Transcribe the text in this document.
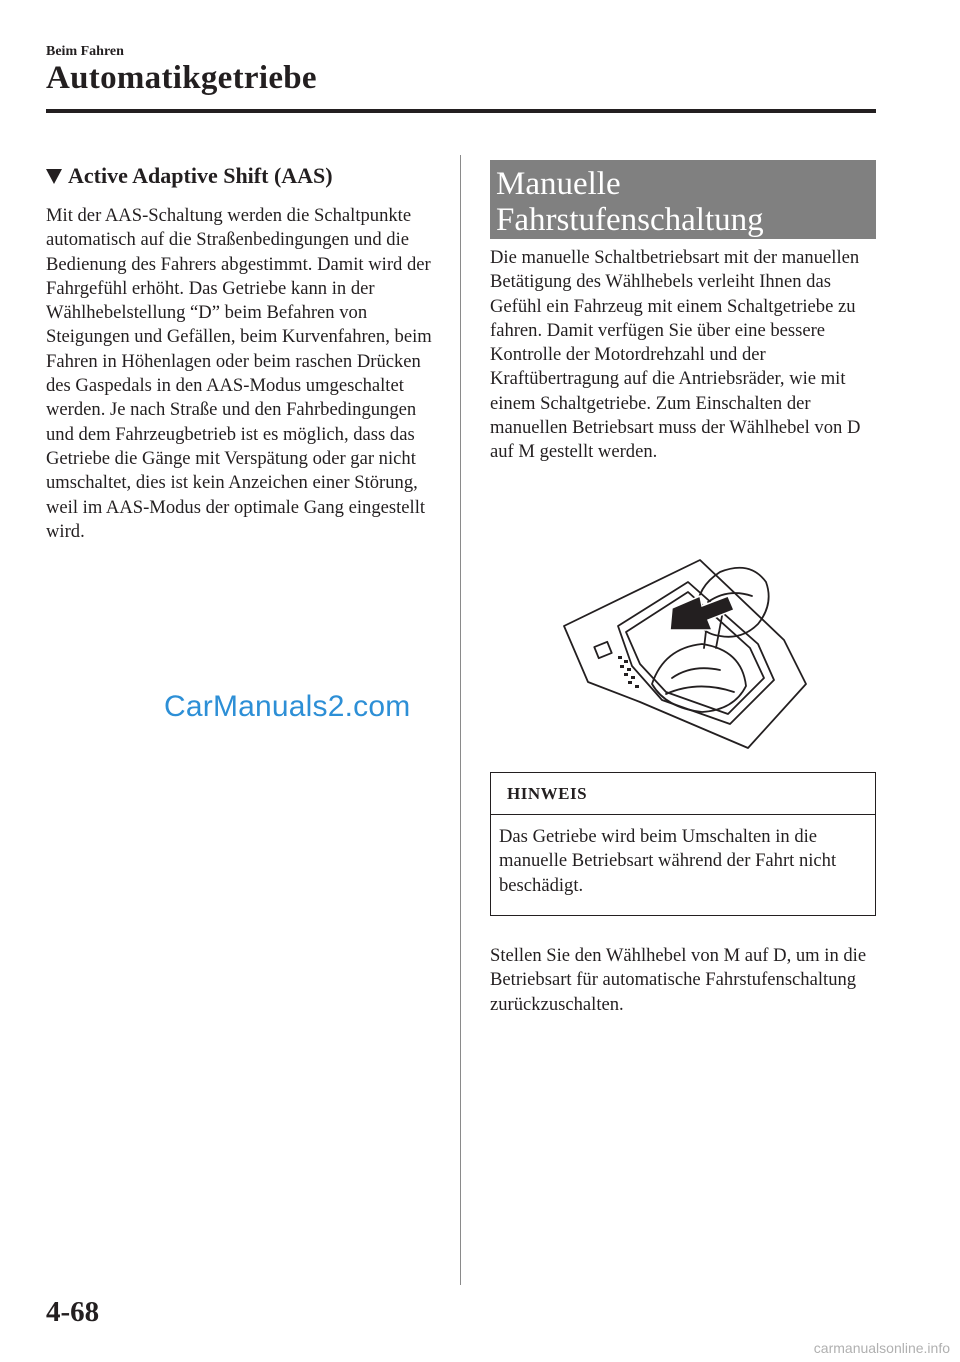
Beim Fahren
Automatikgetriebe
Active Adaptive Shift (AAS)

Mit der AAS-Schaltung werden die Schaltpunkte automatisch auf die Straßenbedingungen und die Bedienung des Fahrers abgestimmt. Damit wird der Fahrgefühl erhöht. Das Getriebe kann in der Wählhebelstellung “D” beim Befahren von Steigungen und Gefällen, beim Kurvenfahren, beim Fahren in Höhenlagen oder beim raschen Drücken des Gaspedals in den AAS-Modus umgeschaltet werden. Je nach Straße und den Fahrbedingungen und dem Fahrzeugbetrieb ist es möglich, dass das Getriebe die Gänge mit Verspätung oder gar nicht umschaltet, dies ist kein Anzeichen einer Störung, weil im AAS-Modus der optimale Gang eingestellt wird.

CarManuals2.com
Manuelle
Fahrstufenschaltung

Die manuelle Schaltbetriebsart mit der manuellen Betätigung des Wählhebels verleiht Ihnen das Gefühl ein Fahrzeug mit einem Schaltgetriebe zu fahren. Damit verfügen Sie über eine bessere Kontrolle der Motordrehzahl und der Kraftübertragung auf die Antriebsräder, wie mit einem Schaltgetriebe. Zum Einschalten der manuellen Betriebsart muss der Wählhebel von D auf M gestellt werden.

HINWEIS
Das Getriebe wird beim Umschalten in die manuelle Betriebsart während der Fahrt nicht beschädigt.

Stellen Sie den Wählhebel von M auf D, um in die Betriebsart für automatische Fahrstufenschaltung zurückzuschalten.

4-68
carmanualsonline.info
